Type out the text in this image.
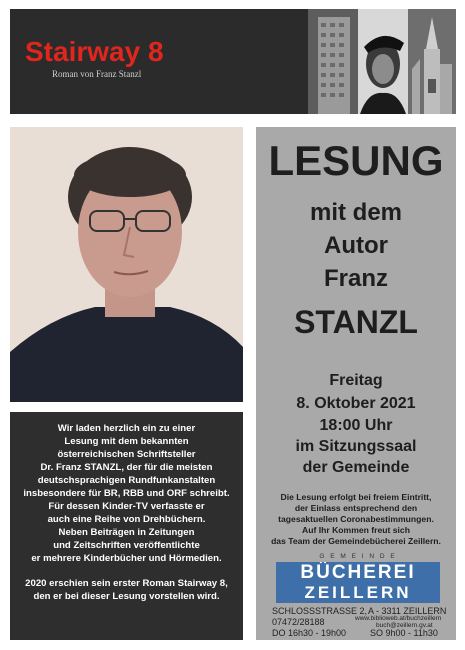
Stairway 8
Roman von Franz Stanzl
LESUNG
mit dem
Autor
Franz
STANZL
Freitag
8. Oktober 2021
18:00 Uhr
im Sitzungssaal
der Gemeinde
Die Lesung erfolgt bei freiem Eintritt,
der Einlass entsprechend den
tagesaktuellen Coronabestimmungen.
Auf Ihr Kommen freut sich
das Team der Gemeindebücherei Zeillern.
G E M E I N D E
BÜCHEREI
ZEILLERN
SCHLOSSSTRASSE 2, A - 3311 ZEILLERN
07472/28188	www.biblioweb.at/buchzeillern
buch@zeillern.gv.at
DO 16h30 - 19h00	SO 9h00 - 11h30
Wir laden herzlich ein zu einer
Lesung mit dem bekannten
österreichischen Schriftsteller
Dr. Franz STANZL, der für die meisten
deutschsprachigen Rundfunkanstalten
insbesondere für BR, RBB und ORF schreibt.
Für dessen Kinder-TV verfasste er
auch eine Reihe von Drehbüchern.
Neben Beiträgen in Zeitungen
und Zeitschriften veröffentlichte
er mehrere Kinderbücher und Hörmedien.
2020 erschien sein erster Roman Stairway 8,
den er bei dieser Lesung vorstellen wird.
